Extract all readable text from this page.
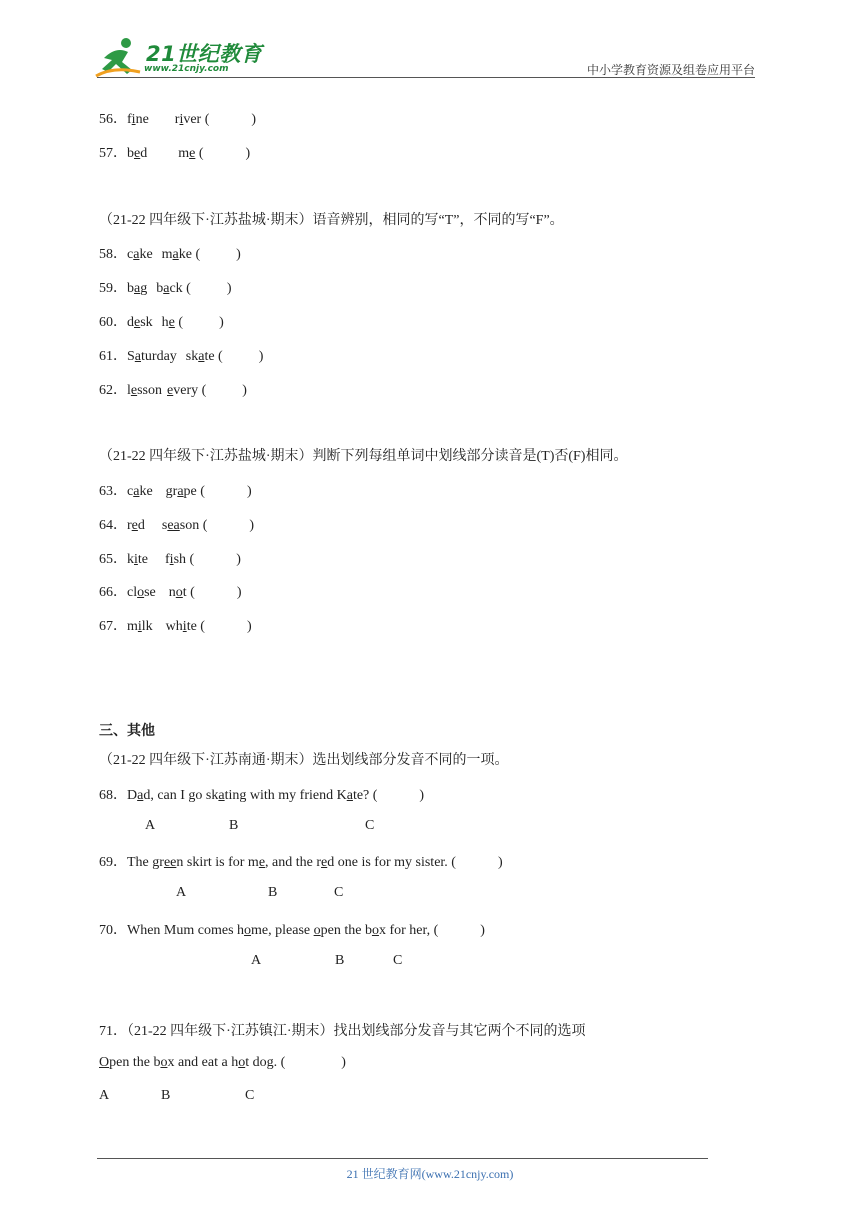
21世纪教育
www.21cnjy.com	中小学教育资源及组卷应用平台
56．fine river (	)
57．bed me (	)
（21-22 四年级下·江苏盐城·期末）语音辨别，相同的写“T”，不同的写“F”。
58．cake make (	)
59．bag back (	)
60．desk he (	)
61．Saturday skate (	)
62．lesson every (	)
（21-22 四年级下·江苏盐城·期末）判断下列每组单词中划线部分读音是(T)否(F)相同。
63．cake grape (	)
64．red season (	)
65．kite fish (	)
66．close not (	)
67．milk white (	)
三、其他
（21-22 四年级下·江苏南通·期末）选出划线部分发音不同的一项。
68．Dad, can I go skating with my friend Kate? (	)
A	B	C
69．The green skirt is for me, and the red one is for my sister. (	)
A	B	C
70．When Mum comes home, please open the box for her, (	)
A	B	C
71．（21-22 四年级下·江苏镇江·期末）找出划线部分发音与其它两个不同的选项
Open the box and eat a hot dog. (	)
A	B	C
21 世纪教育网(www.21cnjy.com)
